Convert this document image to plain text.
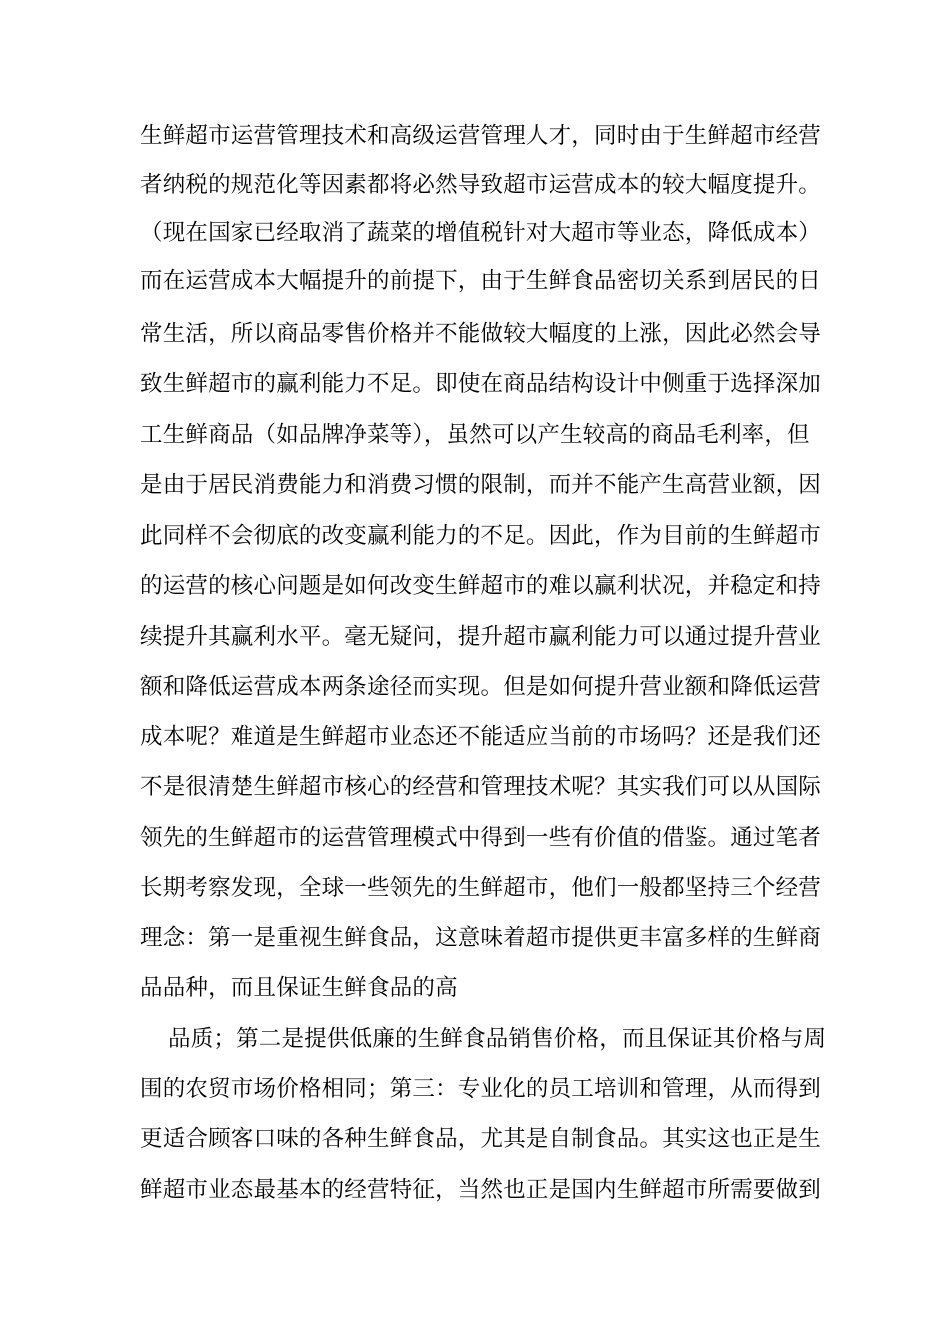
生鲜超市运营管理技术和高级运营管理人才，同时由于生鲜超市经营
者纳税的规范化等因素都将必然导致超市运营成本的较大幅度提升。
（现在国家已经取消了蔬菜的增值税针对大超市等业态，降低成本）
而在运营成本大幅提升的前提下，由于生鲜食品密切关系到居民的日
常生活，所以商品零售价格并不能做较大幅度的上涨，因此必然会导
致生鲜超市的赢利能力不足。即使在商品结构设计中侧重于选择深加
工生鲜商品（如品牌净菜等），虽然可以产生较高的商品毛利率，但
是由于居民消费能力和消费习惯的限制，而并不能产生高营业额，因
此同样不会彻底的改变赢利能力的不足。因此，作为目前的生鲜超市
的运营的核心问题是如何改变生鲜超市的难以赢利状况，并稳定和持
续提升其赢利水平。毫无疑问，提升超市赢利能力可以通过提升营业
额和降低运营成本两条途径而实现。但是如何提升营业额和降低运营
成本呢？难道是生鲜超市业态还不能适应当前的市场吗？还是我们还
不是很清楚生鲜超市核心的经营和管理技术呢？其实我们可以从国际
领先的生鲜超市的运营管理模式中得到一些有价值的借鉴。通过笔者
长期考察发现，全球一些领先的生鲜超市，他们一般都坚持三个经营
理念：第一是重视生鲜食品，这意味着超市提供更丰富多样的生鲜商
品品种，而且保证生鲜食品的高
品质；第二是提供低廉的生鲜食品销售价格，而且保证其价格与周
围的农贸市场价格相同；第三：专业化的员工培训和管理，从而得到
更适合顾客口味的各种生鲜食品，尤其是自制食品。其实这也正是生
鲜超市业态最基本的经营特征，当然也正是国内生鲜超市所需要做到
